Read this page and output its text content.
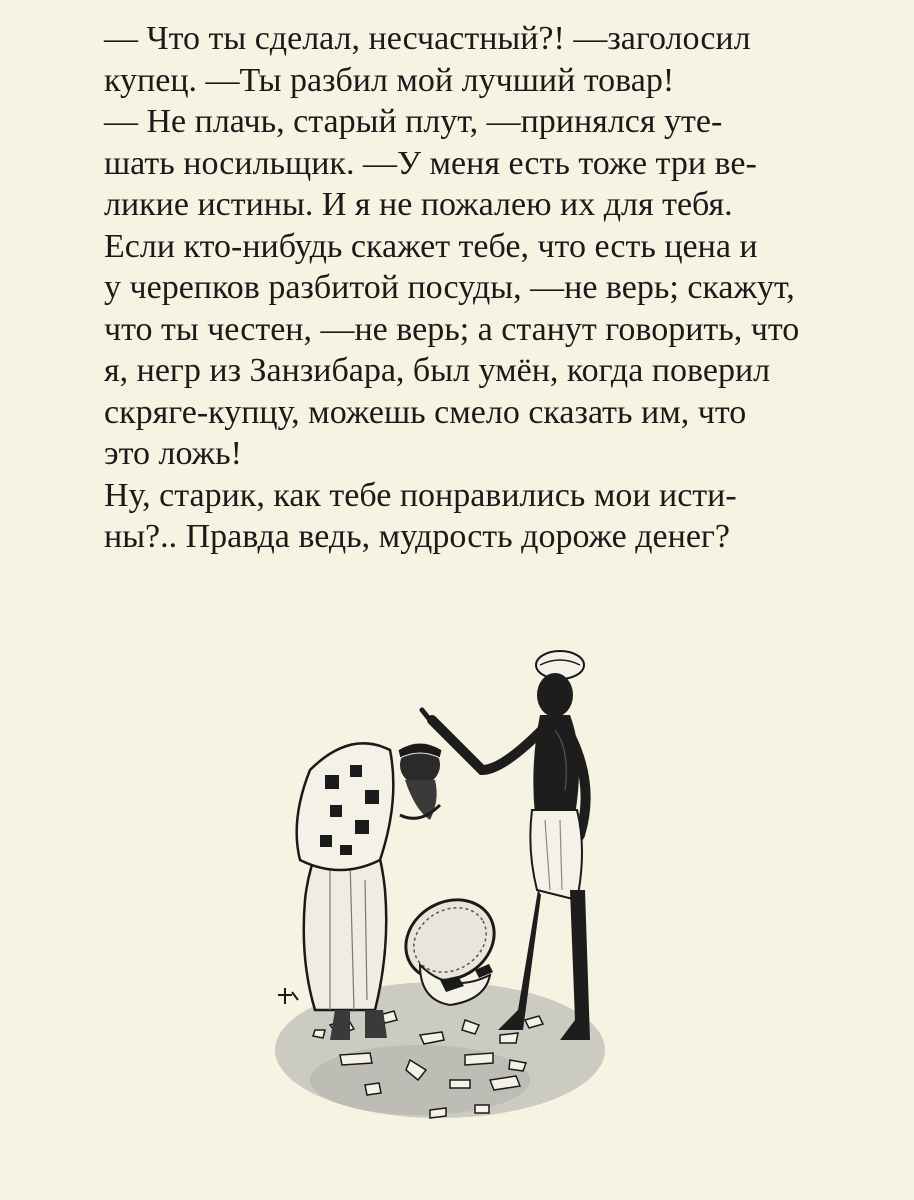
— Что ты сделал, несчастный?! —заголосил
купец. —Ты разбил мой лучший товар!

— Не плачь, старый плут, —принялся уте-
шать носильщик. —У меня есть тоже три ве-
ликие истины. И я не пожалею их для тебя.
Если кто-нибудь скажет тебе, что есть цена и
у черепков разбитой посуды, —не верь; скажут,
что ты честен, —не верь; а станут говорить, что
я, негр из Занзибара, был умён, когда поверил
скряге-купцу, можешь смело сказать им, что
это ложь!

Ну, старик, как тебе понравились мои исти-
ны?.. Правда ведь, мудрость дороже денег?
